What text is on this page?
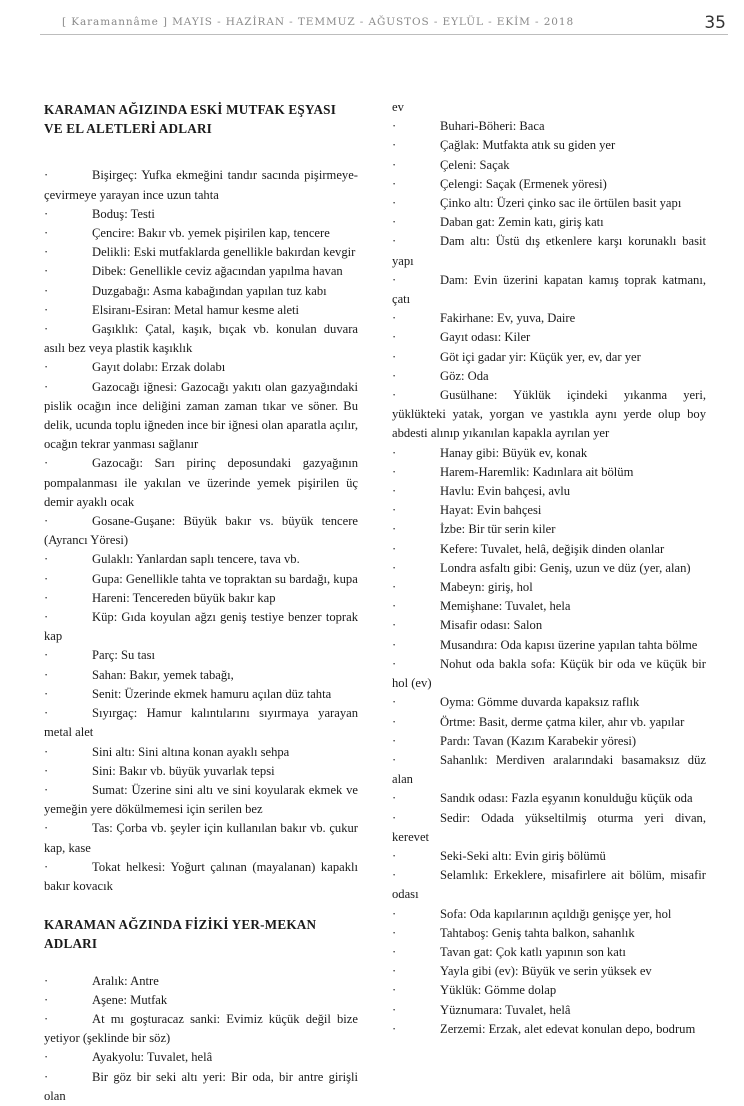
[ Karamannâme ] MAYIS - HAZİRAN - TEMMUZ - AĞUSTOS - EYLÜL - EKİM - 2018	35
KARAMAN AĞIZINDA ESKİ MUTFAK EŞYASI VE EL ALETLERİ ADLARI

·	Bişirgeç: Yufka ekmeğini tandır sacında pişirmeye-çevirmeye yarayan ince uzun tahta

·	Boduş: Testi

·	Çencire: Bakır vb. yemek pişirilen kap, tencere

·	Delikli: Eski mutfaklarda genellikle bakırdan kevgir

·	Dibek: Genellikle ceviz ağacından yapılma havan

·	Duzgabağı: Asma kabağından yapılan tuz kabı

·	Elsiranı-Esiran: Metal hamur kesme aleti

·	Gaşıklık: Çatal, kaşık, bıçak vb. konulan duvara asılı bez veya plastik kaşıklık

·	Gayıt dolabı: Erzak dolabı

·	Gazocağı iğnesi: Gazocağı yakıtı olan gazyağındaki pislik ocağın ince deliğini zaman zaman tıkar ve söner. Bu delik, ucunda toplu iğneden ince bir iğnesi olan aparatla açılır, ocağın tekrar yanması sağlanır

·	Gazocağı: Sarı pirinç deposundaki gazyağının pompalanması ile yakılan ve üzerinde yemek pişirilen üç demir ayaklı ocak

·	Gosane-Guşane: Büyük bakır vs. büyük tencere (Ayrancı Yöresi)

·	Gulaklı: Yanlardan saplı tencere, tava vb.

·	Gupa: Genellikle tahta ve topraktan su bardağı, kupa

·	Hareni: Tencereden büyük bakır kap

·	Küp: Gıda koyulan ağzı geniş testiye benzer toprak kap

·	Parç: Su tası

·	Sahan: Bakır, yemek tabağı,

·	Senit: Üzerinde ekmek hamuru açılan düz tahta

·	Sıyırgaç: Hamur kalıntılarını sıyırmaya yarayan metal alet

·	Sini altı: Sini altına konan ayaklı sehpa

·	Sini: Bakır vb. büyük yuvarlak tepsi

·	Sumat: Üzerine sini altı ve sini koyularak ekmek ve yemeğin yere dökülmemesi için serilen bez

·	Tas: Çorba vb. şeyler için kullanılan bakır vb. çukur kap, kase

·	Tokat helkesi: Yoğurt çalınan (mayalanan) kapaklı bakır kovacık

KARAMAN AĞZINDA FİZİKİ YER-MEKAN ADLARI

·	Aralık: Antre

·	Aşene: Mutfak

·	At mı goşturacaz sanki: Evimiz küçük değil bize yetiyor (şeklinde bir söz)

·	Ayakyolu: Tuvalet, helâ

·	Bir göz bir seki altı yeri: Bir oda, bir antre girişli olan

ev

·	Buhari-Böheri: Baca

·	Çağlak: Mutfakta atık su giden yer

·	Çeleni: Saçak

·	Çelengi: Saçak (Ermenek yöresi)

·	Çinko altı: Üzeri çinko sac ile örtülen basit yapı

·	Daban gat: Zemin katı, giriş katı

·	Dam altı: Üstü dış etkenlere karşı korunaklı basit yapı

·	Dam: Evin üzerini kapatan kamış toprak katmanı, çatı

·	Fakirhane: Ev, yuva, Daire

·	Gayıt odası: Kiler

·	Göt içi gadar yir: Küçük yer, ev, dar yer

·	Göz: Oda

·	Gusülhane: Yüklük içindeki yıkanma yeri, yüklükteki yatak, yorgan ve yastıkla aynı yerde olup boy abdesti alınıp yıkanılan kapakla ayrılan yer

·	Hanay gibi: Büyük ev, konak

·	Harem-Haremlik: Kadınlara ait bölüm

·	Havlu: Evin bahçesi, avlu

·	Hayat: Evin bahçesi

·	İzbe: Bir tür serin kiler

·	Kefere: Tuvalet, helâ, değişik dinden olanlar

·	Londra asfaltı gibi: Geniş, uzun ve düz (yer, alan)

·	Mabeyn: giriş, hol

·	Memişhane: Tuvalet, hela

·	Misafir odası: Salon

·	Musandıra: Oda kapısı üzerine yapılan tahta bölme

·	Nohut oda bakla sofa: Küçük bir oda ve küçük bir hol (ev)

·	Oyma: Gömme duvarda kapaksız raflık

·	Örtme: Basit, derme çatma kiler, ahır vb. yapılar

·	Pardı: Tavan (Kazım Karabekir yöresi)

·	Sahanlık: Merdiven aralarındaki basamaksız düz alan

·	Sandık odası: Fazla eşyanın konulduğu küçük oda

·	Sedir: Odada yükseltilmiş oturma yeri divan, kerevet

·	Seki-Seki altı: Evin giriş bölümü

·	Selamlık: Erkeklere, misafirlere ait bölüm, misafir odası

·	Sofa: Oda kapılarının açıldığı genişçe yer, hol

·	Tahtaboş: Geniş tahta balkon, sahanlık

·	Tavan gat: Çok katlı yapının son katı

·	Yayla gibi (ev): Büyük ve serin yüksek ev

·	Yüklük: Gömme dolap

·	Yüznumara: Tuvalet, helâ

·	Zerzemi: Erzak, alet edevat konulan depo, bodrum
